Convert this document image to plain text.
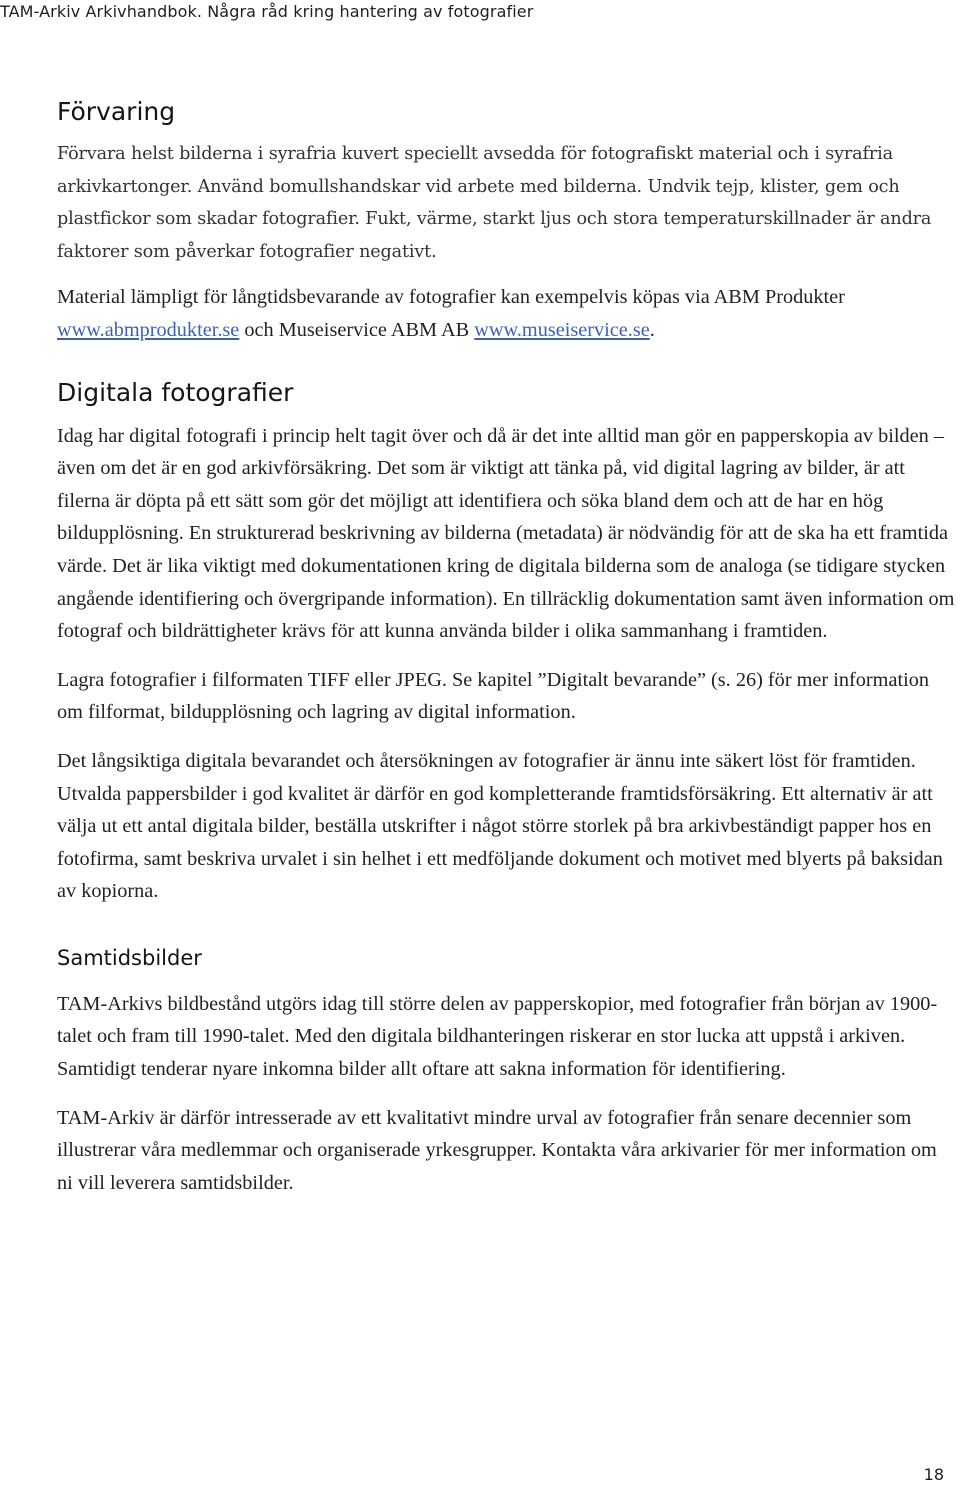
TAM-Arkiv Arkivhandbok. Några råd kring hantering av fotografier
Förvaring

Förvara helst bilderna i syrafria kuvert speciellt avsedda för fotografiskt material och i syrafria arkivkartonger. Använd bomullshandskar vid arbete med bilderna. Undvik tejp, klister, gem och plastfickor som skadar fotografier. Fukt, värme, starkt ljus och stora temperaturskillnader är andra faktorer som påverkar fotografier negativt.

Material lämpligt för långtidsbevarande av fotografier kan exempelvis köpas via ABM Produkter www.abmprodukter.se och Museiservice ABM AB www.museiservice.se.

Digitala fotografier

Idag har digital fotografi i princip helt tagit över och då är det inte alltid man gör en papperskopia av bilden – även om det är en god arkivförsäkring. Det som är viktigt att tänka på, vid digital lagring av bilder, är att filerna är döpta på ett sätt som gör det möjligt att identifiera och söka bland dem och att de har en hög bildupplösning. En strukturerad beskrivning av bilderna (metadata) är nödvändig för att de ska ha ett framtida värde. Det är lika viktigt med dokumentationen kring de digitala bilderna som de analoga (se tidigare stycken angående identifiering och övergripande information). En tillräcklig dokumentation samt även information om fotograf och bildrättigheter krävs för att kunna använda bilder i olika sammanhang i framtiden.

Lagra fotografier i filformaten TIFF eller JPEG. Se kapitel ”Digitalt bevarande” (s. 26) för mer information om filformat, bildupplösning och lagring av digital information.

Det långsiktiga digitala bevarandet och återsökningen av fotografier är ännu inte säkert löst för framtiden. Utvalda pappersbilder i god kvalitet är därför en god kompletterande framtidsförsäkring. Ett alternativ är att välja ut ett antal digitala bilder, beställa utskrifter i något större storlek på bra arkivbeständigt papper hos en fotofirma, samt beskriva urvalet i sin helhet i ett medföljande dokument och motivet med blyerts på baksidan av kopiorna.

Samtidsbilder

TAM-Arkivs bildbestånd utgörs idag till större delen av papperskopior, med fotografier från början av 1900-talet och fram till 1990-talet. Med den digitala bildhanteringen riskerar en stor lucka att uppstå i arkiven. Samtidigt tenderar nyare inkomna bilder allt oftare att sakna information för identifiering.

TAM-Arkiv är därför intresserade av ett kvalitativt mindre urval av fotografier från senare decennier som illustrerar våra medlemmar och organiserade yrkesgrupper. Kontakta våra arkivarier för mer information om ni vill leverera samtidsbilder.

18
